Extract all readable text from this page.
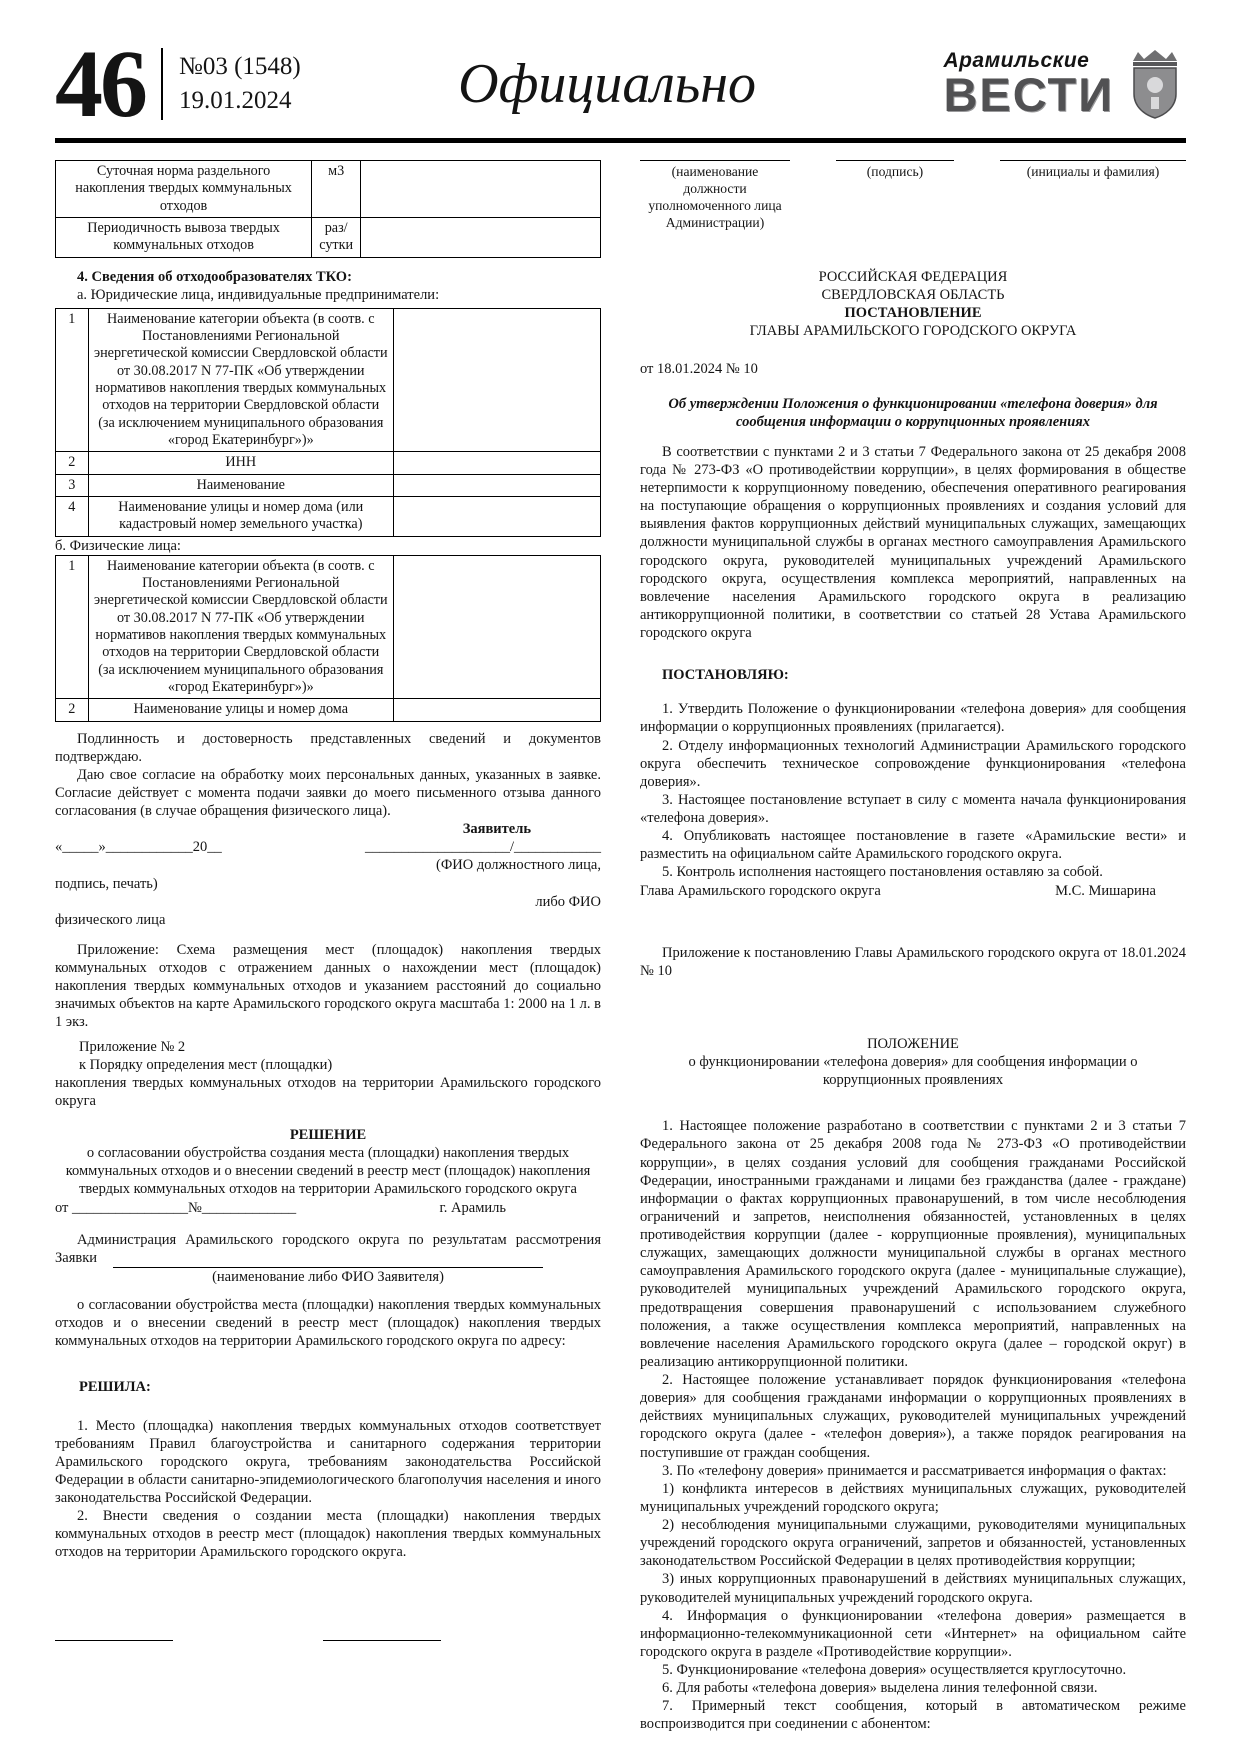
46 №03 (1548)
19.01.2024	Официально	Арамильские
ВЕСТИ
Суточная норма раздельного накопления твердых коммунальных отходов	м3	
Периодичность вывоза твердых коммунальных отходов	раз/сутки	

4. Сведения об отходообразователях ТКО:

а. Юридические лица, индивидуальные предприниматели:

1	Наименование категории объекта (в соотв. с Постановлениями Региональной энергетической комиссии Свердловской области от 30.08.2017 N 77-ПК «Об утверждении нормативов накопления твердых коммунальных отходов на территории Свердловской области (за исключением муниципального образования «город Екатеринбург»)»	
2	ИНН	
3	Наименование	
4	Наименование улицы и номер дома (или кадастровый номер земельного участка)	

б. Физические лица:

1	Наименование категории объекта (в соотв. с Постановлениями Региональной энергетической комиссии Свердловской области от 30.08.2017 N 77-ПК «Об утверждении нормативов накопления твердых коммунальных отходов на территории Свердловской области (за исключением муниципального образования «город Екатеринбург»)»	
2	Наименование улицы и номер дома	

Подлинность и достоверность представленных сведений и документов подтверждаю.

Даю свое согласие на обработку моих персональных данных, указанных в заявке. Согласие действует с момента подачи заявки до моего письменного отзыва данного согласования (в случае обращения физического лица).

Заявитель

«_____»____________20__	____________________/____________

(ФИО должностного лица,

подпись, печать)

либо ФИО

физического лица

Приложение: Схема размещения мест (площадок) накопления твердых коммунальных отходов с отражением данных о нахождении мест (площадок) накопления твердых коммунальных отходов и указанием расстояний до социально значимых объектов на карте Арамильского городского округа масштаба 1: 2000 на 1 л. в 1 экз.

Приложение № 2

к Порядку определения мест (площадки)

накопления твердых коммунальных отходов на территории Арамильского городского округа

РЕШЕНИЕ

о согласовании обустройства создания места (площадки) накопления твердых коммунальных отходов и о внесении сведений в реестр мест (площадок) накопления твердых коммунальных отходов на территории Арамильского городского округа

от ________________№_____________	г. Арамиль

Администрация Арамильского городского округа по результатам рассмотрения Заявки

(наименование либо ФИО Заявителя)

о согласовании обустройства места (площадки) накопления твердых коммунальных отходов и о внесении сведений в реестр мест (площадок) накопления твердых коммунальных отходов на территории Арамильского городского округа по адресу:

РЕШИЛА:

1. Место (площадка) накопления твердых коммунальных отходов соответствует требованиям Правил благоустройства и санитарного содержания территории Арамильского городского округа, требованиям законодательства Российской Федерации в области санитарно-эпидемиологического благополучия населения и иного законодательства Российской Федерации.

2. Внести сведения о создании места (площадки) накопления твердых коммунальных отходов в реестр мест (площадок) накопления твердых коммунальных отходов на территории Арамильского городского округа.

(наименование должности уполномоченного лица Администрации)
(подпись)	(инициалы и фамилия)

РОССИЙСКАЯ ФЕДЕРАЦИЯ

СВЕРДЛОВСКАЯ ОБЛАСТЬ

ПОСТАНОВЛЕНИЕ

ГЛАВЫ АРАМИЛЬСКОГО ГОРОДСКОГО ОКРУГА

от 18.01.2024 № 10

Об утверждении Положения о функционировании «телефона доверия» для сообщения информации о коррупционных проявлениях

В соответствии с пунктами 2 и 3 статьи 7 Федерального закона от 25 декабря 2008 года № 273-ФЗ «О противодействии коррупции», в целях формирования в обществе нетерпимости к коррупционному поведению, обеспечения оперативного реагирования на поступающие обращения о коррупционных проявлениях и создания условий для выявления фактов коррупционных действий муниципальных служащих, замещающих должности муниципальной службы в органах местного самоуправления Арамильского городского округа, руководителей муниципальных учреждений Арамильского городского округа, осуществления комплекса мероприятий, направленных на вовлечение населения Арамильского городского округа в реализацию антикоррупционной политики, в соответствии со статьей 28 Устава Арамильского городского округа

ПОСТАНОВЛЯЮ:

1. Утвердить Положение о функционировании «телефона доверия» для сообщения информации о коррупционных проявлениях (прилагается).

2. Отделу информационных технологий Администрации Арамильского городского округа обеспечить техническое сопровождение функционирования «телефона доверия».

3. Настоящее постановление вступает в силу с момента начала функционирования «телефона доверия».

4. Опубликовать настоящее постановление в газете «Арамильские вести» и разместить на официальном сайте Арамильского городского округа.

5. Контроль исполнения настоящего постановления оставляю за собой.

Глава Арамильского городского округа	М.С. Мишарина

Приложение к постановлению Главы Арамильского городского округа от 18.01.2024 № 10

ПОЛОЖЕНИЕ

о функционировании «телефона доверия» для сообщения информации о коррупционных проявлениях

1. Настоящее положение разработано в соответствии с пунктами 2 и 3 статьи 7 Федерального закона от 25 декабря 2008 года № 273-ФЗ «О противодействии коррупции», в целях создания условий для сообщения гражданами Российской Федерации, иностранными гражданами и лицами без гражданства (далее - граждане) информации о фактах коррупционных правонарушений, в том числе несоблюдения ограничений и запретов, неисполнения обязанностей, установленных в целях противодействия коррупции (далее - коррупционные проявления), муниципальных служащих, замещающих должности муниципальной службы в органах местного самоуправления Арамильского городского округа (далее - муниципальные служащие), руководителей муниципальных учреждений Арамильского городского округа, предотвращения совершения правонарушений с использованием служебного положения, а также осуществления комплекса мероприятий, направленных на вовлечение населения Арамильского городского округа (далее – городской округ) в реализацию антикоррупционной политики.

2. Настоящее положение устанавливает порядок функционирования «телефона доверия» для сообщения гражданами информации о коррупционных проявлениях в действиях муниципальных служащих, руководителей муниципальных учреждений городского округа (далее - «телефон доверия»), а также порядок реагирования на поступившие от граждан сообщения.

3. По «телефону доверия» принимается и рассматривается информация о фактах:

1) конфликта интересов в действиях муниципальных служащих, руководителей муниципальных учреждений городского округа;

2) несоблюдения муниципальными служащими, руководителями муниципальных учреждений городского округа ограничений, запретов и обязанностей, установленных законодательством Российской Федерации в целях противодействия коррупции;

3) иных коррупционных правонарушений в действиях муниципальных служащих, руководителей муниципальных учреждений городского округа.

4. Информация о функционировании «телефона доверия» размещается в информационно-телекоммуникационной сети «Интернет» на официальном сайте городского округа в разделе «Противодействие коррупции».

5. Функционирование «телефона доверия» осуществляется круглосуточно.

6. Для работы «телефона доверия» выделена линия телефонной связи.

7. Примерный текст сообщения, который в автоматическом режиме воспроизводится при соединении с абонентом:
